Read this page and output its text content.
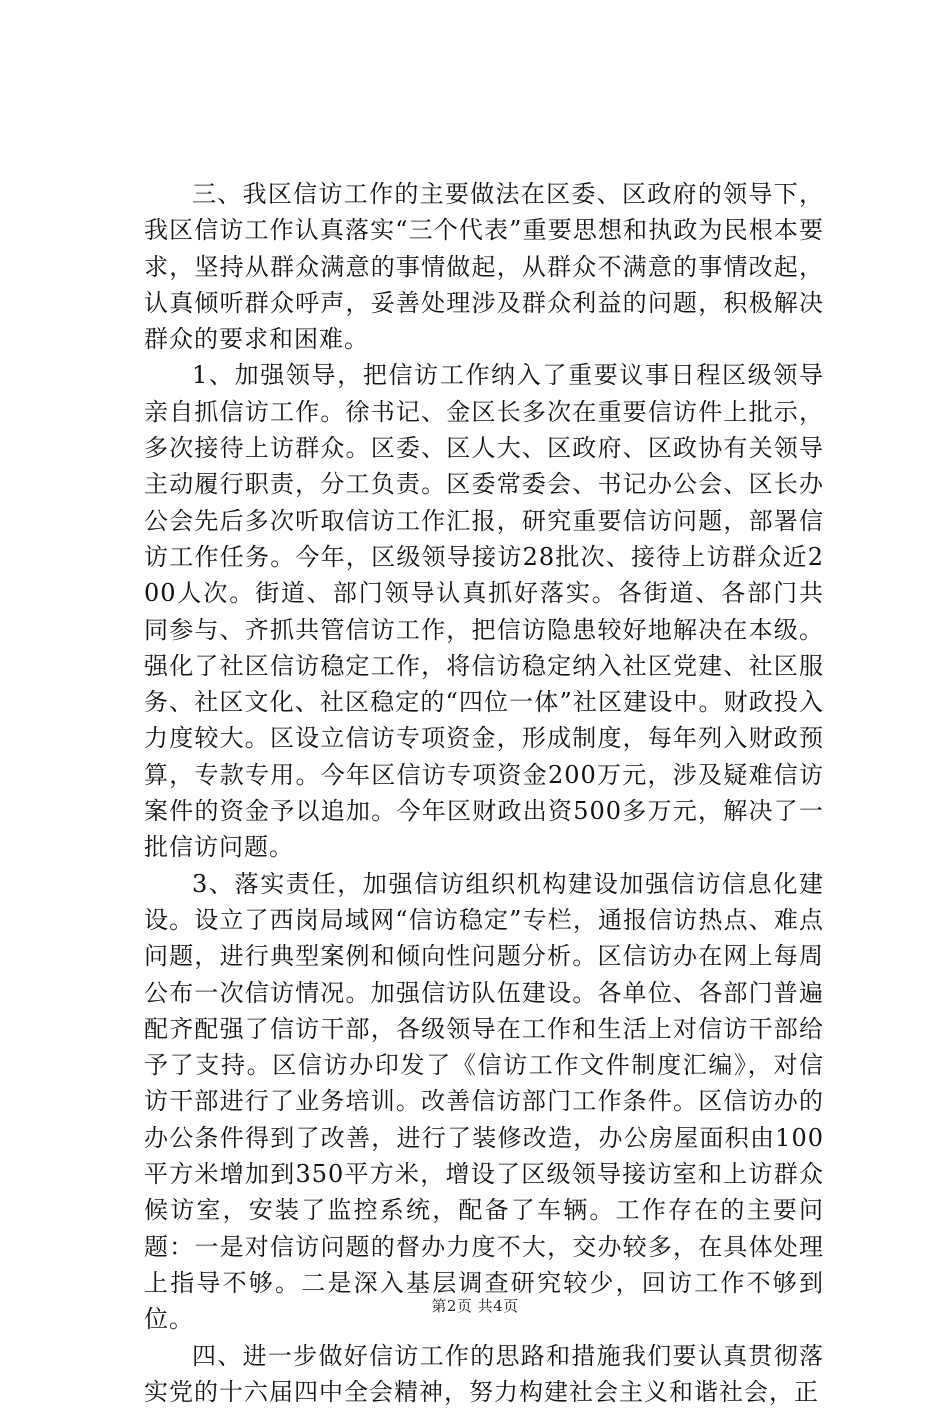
三、我区信访工作的主要做法在区委、区政府的领导下，我区信访工作认真落实“三个代表”重要思想和执政为民根本要求，坚持从群众满意的事情做起，从群众不满意的事情改起，认真倾听群众呼声，妥善处理涉及群众利益的问题，积极解决群众的要求和困难。

1、加强领导，把信访工作纳入了重要议事日程区级领导亲自抓信访工作。徐书记、金区长多次在重要信访件上批示，多次接待上访群众。区委、区人大、区政府、区政协有关领导主动履行职责，分工负责。区委常委会、书记办公会、区长办公会先后多次听取信访工作汇报，研究重要信访问题，部署信访工作任务。今年，区级领导接访28批次、接待上访群众近200人次。街道、部门领导认真抓好落实。各街道、各部门共同参与、齐抓共管信访工作，把信访隐患较好地解决在本级。强化了社区信访稳定工作，将信访稳定纳入社区党建、社区服务、社区文化、社区稳定的“四位一体”社区建设中。财政投入力度较大。区设立信访专项资金，形成制度，每年列入财政预算，专款专用。今年区信访专项资金200万元，涉及疑难信访案件的资金予以追加。今年区财政出资500多万元，解决了一批信访问题。

3、落实责任，加强信访组织机构建设加强信访信息化建设。设立了西岗局域网“信访稳定”专栏，通报信访热点、难点问题，进行典型案例和倾向性问题分析。区信访办在网上每周公布一次信访情况。加强信访队伍建设。各单位、各部门普遍配齐配强了信访干部，各级领导在工作和生活上对信访干部给予了支持。区信访办印发了《信访工作文件制度汇编》，对信访干部进行了业务培训。改善信访部门工作条件。区信访办的办公条件得到了改善，进行了装修改造，办公房屋面积由100平方米增加到350平方米，增设了区级领导接访室和上访群众候访室，安装了监控系统，配备了车辆。工作存在的主要问题：一是对信访问题的督办力度不大，交办较多，在具体处理上指导不够。二是深入基层调查研究较少，回访工作不够到位。

四、进一步做好信访工作的思路和措施我们要认真贯彻落实党的十六届四中全会精神，努力构建社会主义和谐社会，正

第2页 共4页
